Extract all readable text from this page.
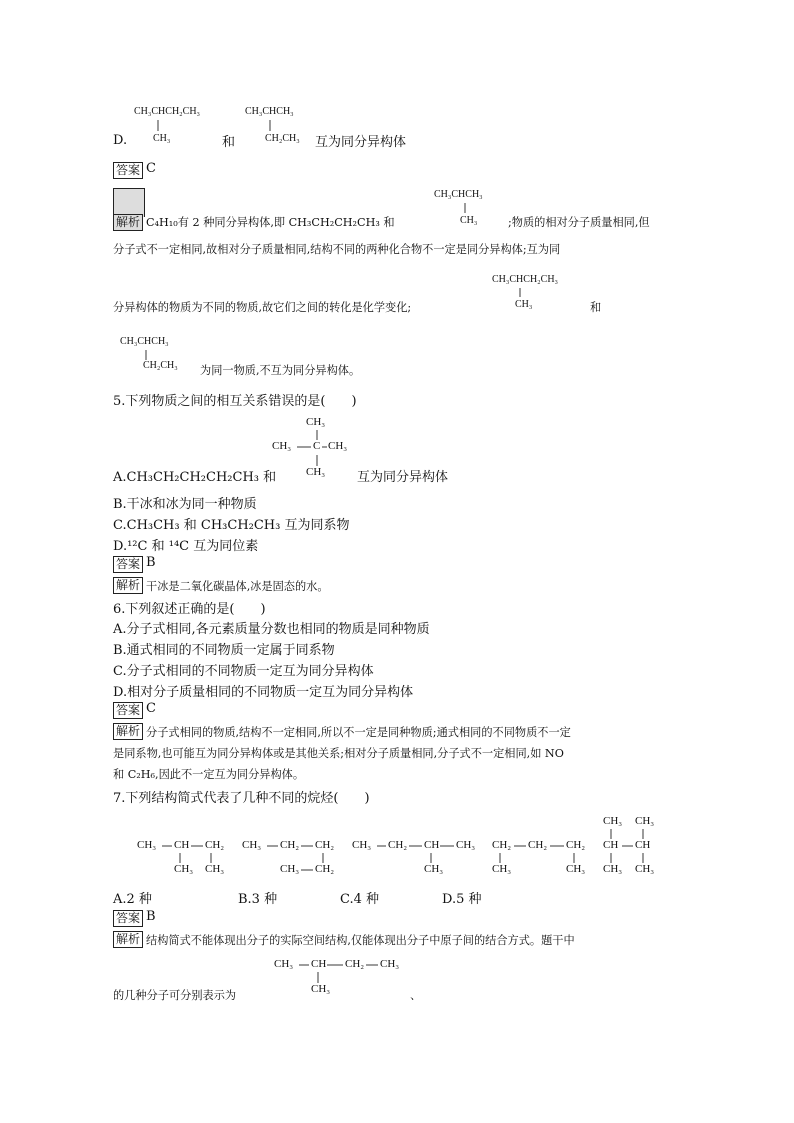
CH₃CHCH₂CH₃
CH₃
CH₃CHCH₃
CH₂CH₃
D.	和	互为同分异构体
答案 C
解析 C₄H₁₀有 2 种同分异构体,即 CH₃CH₂CH₂CH₃ 和
CH₃CHCH₃
CH₃	;物质的相对分子质量相同,但
分子式不一定相同,故相对分子质量相同,结构不同的两种化合物不一定是同分异构体;互为同
CH₃CHCH₂CH₃
CH₃
分异构体的物质为不同的物质,故它们之间的转化是化学变化;	和
CH₃CHCH₃
CH₂CH₃ 为同一物质,不互为同分异构体。
5.下列物质之间的相互关系错误的是(　　)
CH₃
CH₃ C CH₃
CH₃
A.CH₃CH₂CH₂CH₂CH₃ 和	互为同分异构体
B.干冰和冰为同一种物质
C.CH₃CH₃ 和 CH₃CH₂CH₃ 互为同系物
D.¹²C 和 ¹⁴C 互为同位素
答案 B
解析 干冰是二氧化碳晶体,冰是固态的水。
6.下列叙述正确的是(　　)
A.分子式相同,各元素质量分数也相同的物质是同种物质
B.通式相同的不同物质一定属于同系物
C.分子式相同的不同物质一定互为同分异构体
D.相对分子质量相同的不同物质一定互为同分异构体
答案 C
解析 分子式相同的物质,结构不一定相同,所以不一定是同种物质;通式相同的不同物质不一定
是同系物,也可能互为同分异构体或是其他关系;相对分子质量相同,分子式不一定相同,如 NO
和 C₂H₆,因此不一定互为同分异构体。
7.下列结构简式代表了几种不同的烷烃(　　)
CH₃ CH CH₂
CH₃ CH₃
CH₃ CH₂ CH₂
CH₃ CH₂
CH₃ CH₂ CH CH₃
CH₃
CH₂ CH₂ CH₂
CH₃	CH₃
CH₃ CH₃
CH CH
CH₃ CH₃
A.2 种	B.3 种	C.4 种	D.5 种
答案 B
解析 结构简式不能体现出分子的实际空间结构,仅能体现出分子中原子间的结合方式。题干中
CH₃ CH CH₂ CH₃
CH₃
的几种分子可分别表示为	、
